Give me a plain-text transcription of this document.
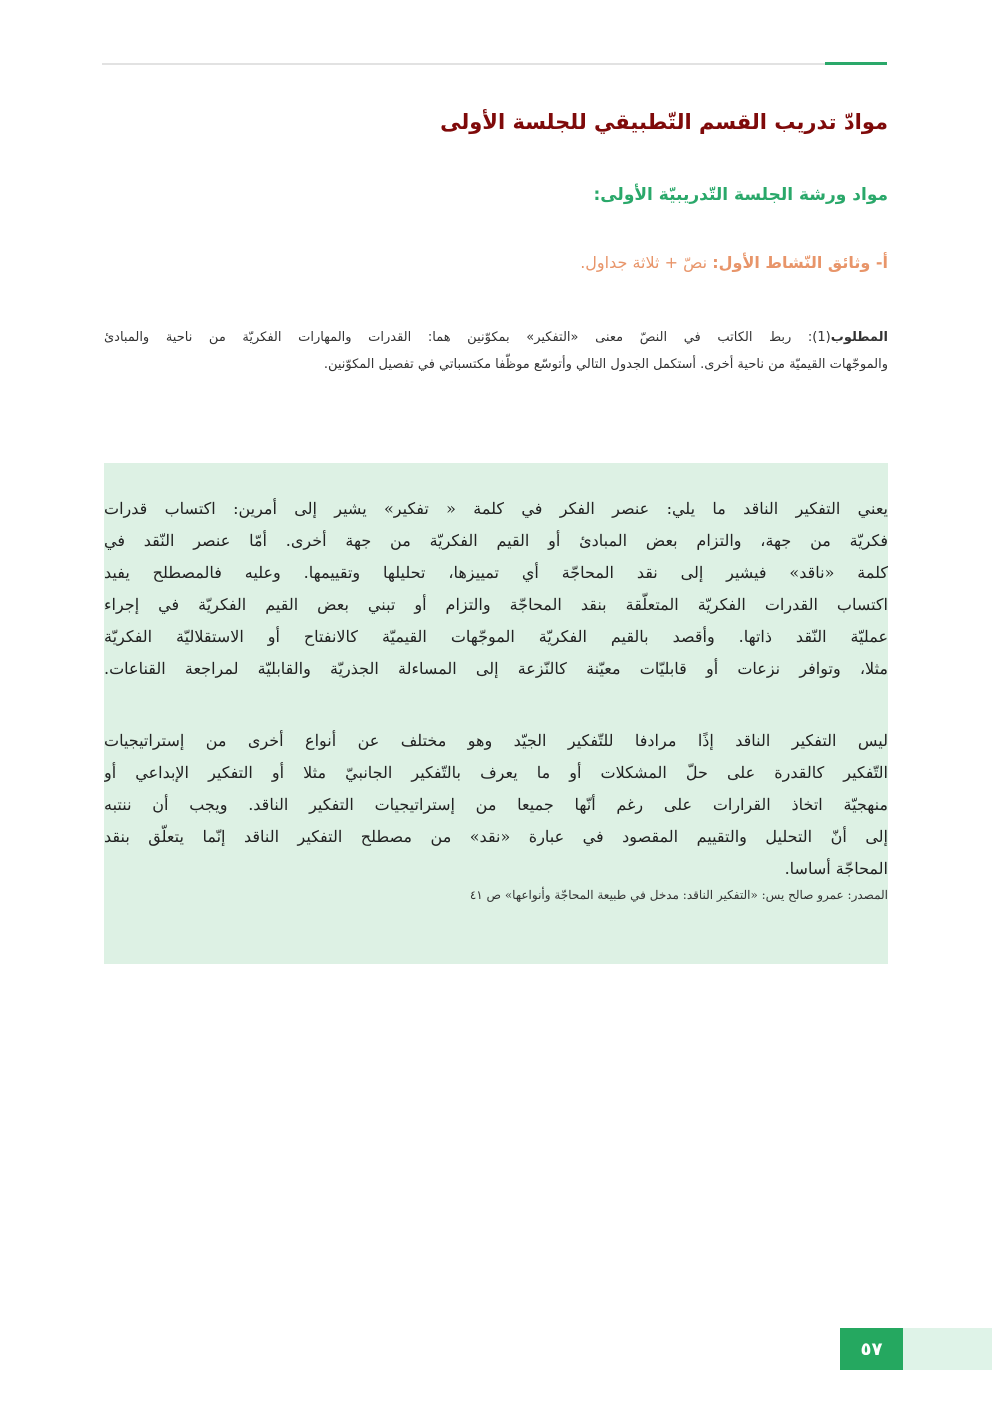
موادّ تدريب القسم التّطبيقي للجلسة الأولى
مواد ورشة الجلسة التّدريبيّة الأولى:
أ- وثائق النّشاط الأول: نصّ + ثلاثة جداول.
المطلوب(1): ربط الكاتب في النصّ معنى «التفكير» بمكوّنين هما: القدرات والمهارات الفكريّة من ناحية والمبادئ
والموجّهات القيميّة من ناحية أخرى. أستكمل الجدول التالي وأتوسّع موظّفا مكتسباتي في تفصيل المكوّنين.
يعني التفكير الناقد ما يلي: عنصر الفكر في كلمة « تفكير» يشير إلى أمرين: اكتساب قدرات
فكريّة من جهة، والتزام بعض المبادئ أو القيم الفكريّة من جهة أخرى. أمّا عنصر النّقد في
كلمة «ناقد» فيشير إلى نقد المحاجّة أي تمييزها، تحليلها وتقييمها. وعليه فالمصطلح يفيد
اكتساب القدرات الفكريّة المتعلّقة بنقد المحاجّة والتزام أو تبني بعض القيم الفكريّة في إجراء
عمليّة النّقد ذاتها. وأقصد بالقيم الفكريّة الموجّهات القيميّة كالانفتاح أو الاستقلاليّة الفكريّة
مثلا، وتوافر نزعات أو قابليّات معيّنة كالنّزعة إلى المساءلة الجذريّة والقابليّة لمراجعة القناعات.
ليس التفكير الناقد إذًا مرادفا للتّفكير الجيّد وهو مختلف عن أنواع أخرى من إستراتيجيات
التّفكير كالقدرة على حلّ المشكلات أو ما يعرف بالتّفكير الجانبيّ مثلا أو التفكير الإبداعي أو
منهجيّة اتخاذ القرارات على رغم أنّها جميعا من إستراتيجيات التفكير الناقد. ويجب أن ننتبه
إلى أنّ التحليل والتقييم المقصود في عبارة «نقد» من مصطلح التفكير الناقد إنّما يتعلّق بنقد
المحاجّة أساسا.
المصدر: عمرو صالح يس: «التفكير الناقد: مدخل في طبيعة المحاجّة وأنواعها» ص ٤١
٥٧
